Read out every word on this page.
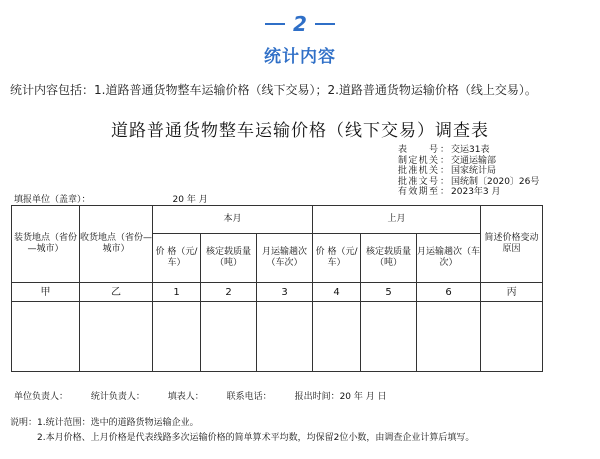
2
统计内容
统计内容包括：1.道路普通货物整车运输价格（线下交易）；2.道路普通货物运输价格（线上交易）。
道路普通货物整车运输价格（线下交易）调查表
表号 ： 交运31表
制定机关 ： 交通运输部
批准机关 ： 国家统计局
批准文号 ： 国统制〔2020〕26号
有效期至 ： 2023年3 月
填报单位（盖章）：	20 年 月
装货地点（省份—城市）	收货地点（省份—城市）	本月			上月			简述价格变动原因
		价 格（元/车）	核定载质量（吨）	月运输趟次（车次）	价 格（元/车）	核定载质量（吨）	月运输趟次（车次）	
甲	乙	1	2	3	4	5	6	丙

单位负责人：	统计负责人：	填表人：	联系电话：	报出时间：20 年 月 日
说明：1.统计范围：选中的道路货物运输企业。
2.本月价格、上月价格是代表线路多次运输价格的简单算术平均数，均保留2位小数，由调查企业计算后填写。
